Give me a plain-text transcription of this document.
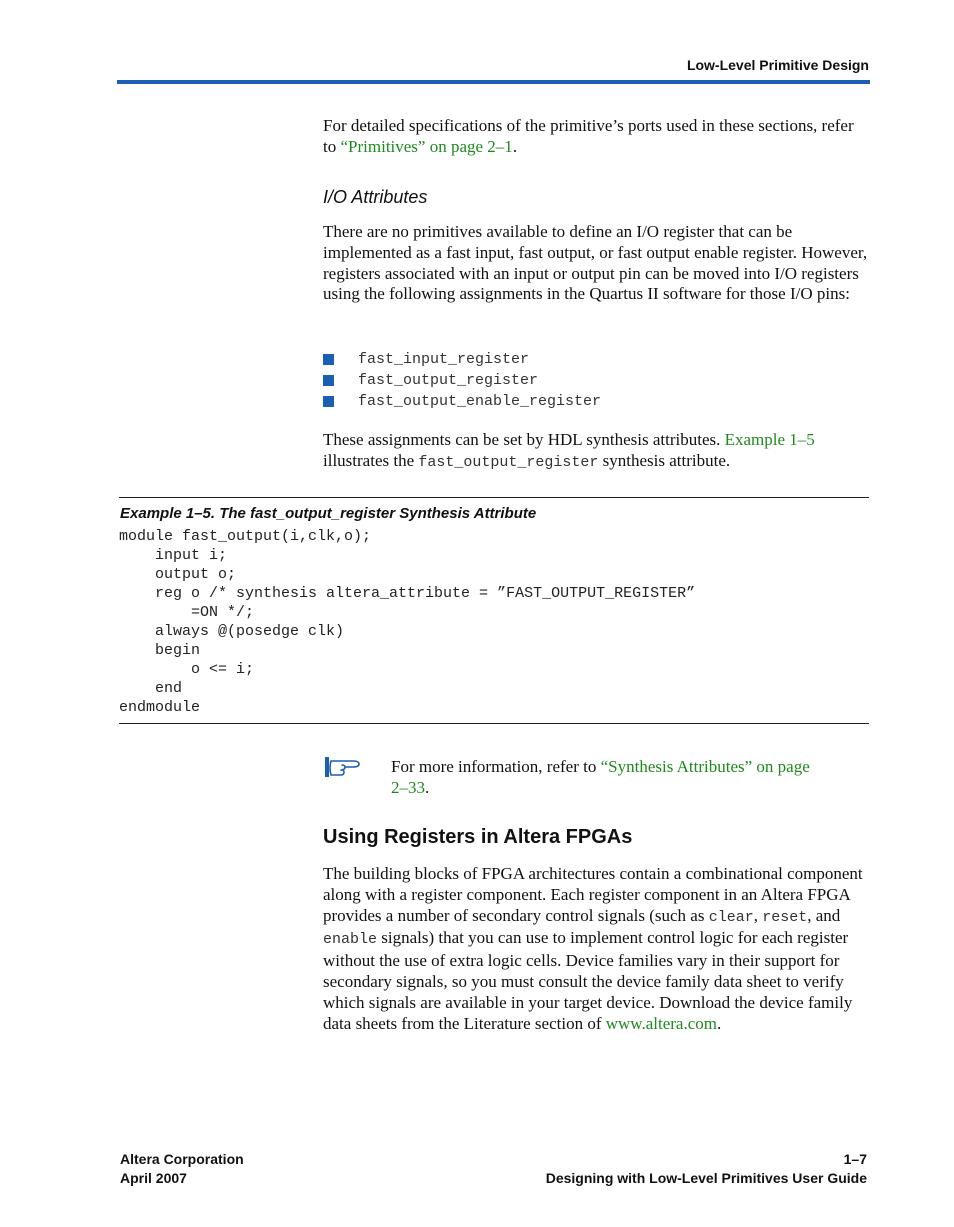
Low-Level Primitive Design
For detailed specifications of the primitive’s ports used in these sections, refer to “Primitives” on page 2–1.
I/O Attributes
There are no primitives available to define an I/O register that can be implemented as a fast input, fast output, or fast output enable register. However, registers associated with an input or output pin can be moved into I/O registers using the following assignments in the Quartus II software for those I/O pins:
fast_input_register
fast_output_register
fast_output_enable_register
These assignments can be set by HDL synthesis attributes. Example 1–5
illustrates the fast_output_register synthesis attribute.
Example 1–5. The fast_output_register Synthesis Attribute
module fast_output(i,clk,o);
input i;
output o;
reg o /* synthesis altera_attribute = ”FAST_OUTPUT_REGISTER”
=ON */;
always @(posedge clk)
begin
o <= i;
end
endmodule
For more information, refer to “Synthesis Attributes” on page 2–33.
Using Registers in Altera FPGAs
The building blocks of FPGA architectures contain a combinational component along with a register component. Each register component in an Altera FPGA provides a number of secondary control signals (such as clear, reset, and enable signals) that you can use to implement control logic for each register without the use of extra logic cells. Device families vary in their support for secondary signals, so you must consult the device family data sheet to verify which signals are available in your target device. Download the device family data sheets from the Literature section of www.altera.com.
Altera Corporation
April 2007
1–7
Designing with Low-Level Primitives User Guide
